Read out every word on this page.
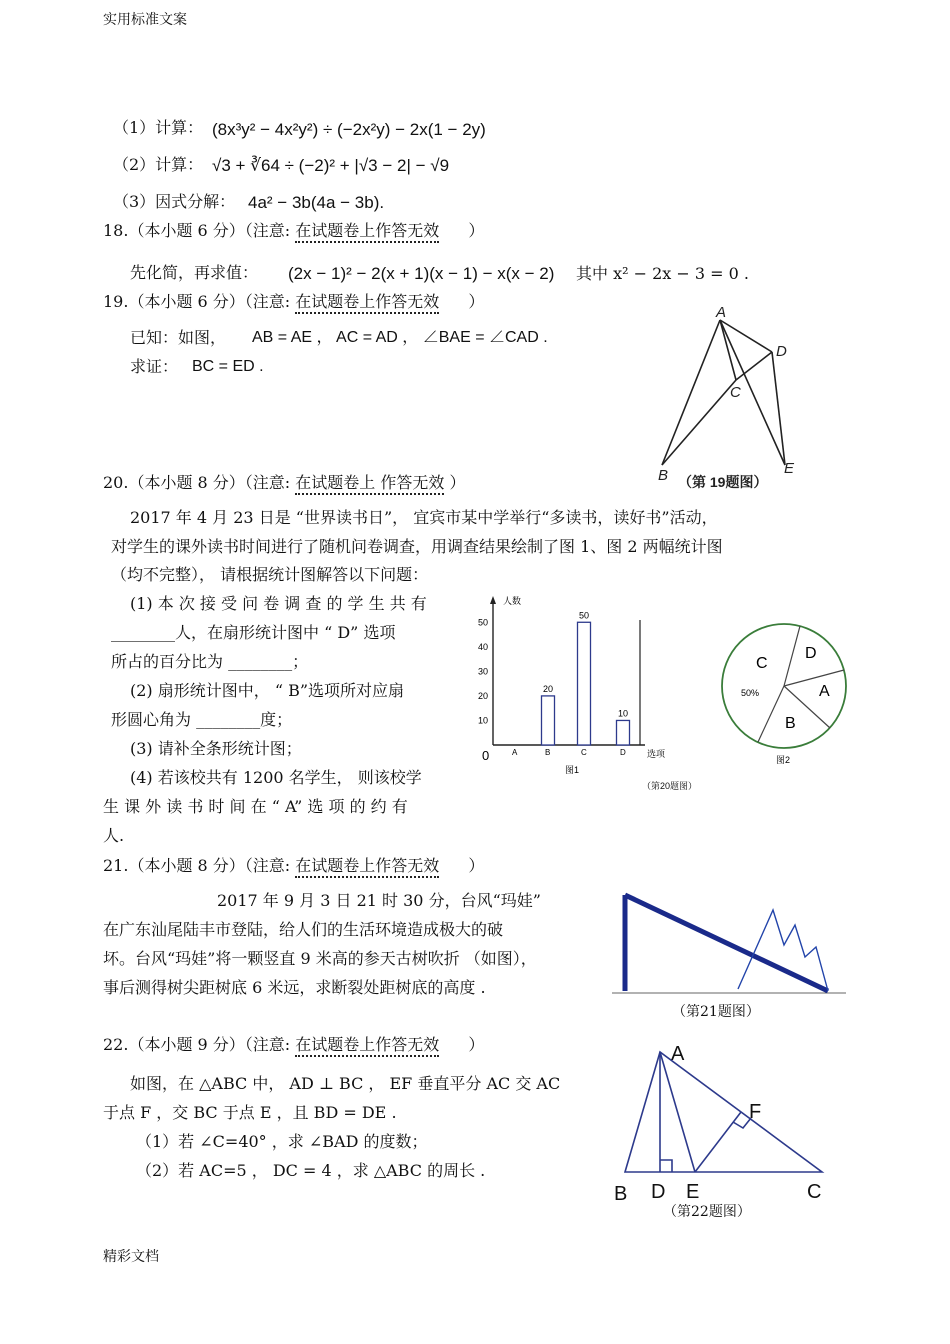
实用标准文案
精彩文档
（1）计算： (8x³y² − 4x²y²) ÷ (−2x²y) − 2x(1 − 2y)
（2）计算： √3 + ∛64 ÷ (−2)² + |√3 − 2| − √9
（3）因式分解： 4a² − 3b(4a − 3b).
18.（本小题 6 分）（注意: 在试题卷上作答无效 ）
先化简，再求值： (2x − 1)² − 2(x + 1)(x − 1) − x(x − 2) 其中 x² − 2x − 3 = 0 .
19.（本小题 6 分）（注意: 在试题卷上作答无效 ）
已知：如图， AB = AE ， AC = AD ， ∠BAE = ∠CAD .
求证： BC = ED .
A
D
C
B	E
（第 19题图）
20.（本小题 8 分）（注意: 在试题卷上 作答无效 ）
2017 年 4 月 23 日是 “世界读书日”， 宜宾市某中学举行“多读书，读好书”活动，
对学生的课外读书时间进行了随机问卷调查，用调查结果绘制了图 1、图 2 两幅统计图
（均不完整）， 请根据统计图解答以下问题：
(1) 本 次 接 受 问 卷 调 查 的 学 生 共 有
________人，在扇形统计图中 “ D” 选项
所占的百分比为 ________；
(2) 扇形统计图中， “ B”选项所对应扇
形圆心角为 ________度；
(3) 请补全条形统计图；
(4) 若该校共有 1200 名学生， 则该校学
生 课 外 读 书 时 间 在 “ A” 选 项 的 约 有
人.
人数
选项
0
10
20
30
40
50
A	B
20
C
50
D
10
图1
（第20题图）
C
D
A
B
50%
图2
21.（本小题 8 分）（注意: 在试题卷上作答无效 ）
2017 年 9 月 3 日 21 时 30 分，台风“玛娃”
在广东汕尾陆丰市登陆，给人们的生活环境造成极大的破
坏。台风“玛娃”将一颗竖直 9 米高的参天古树吹折 （如图），
事后测得树尖距树底 6 米远，求断裂处距树底的高度 .
（第21题图）
22.（本小题 9 分）（注意: 在试题卷上作答无效 ）
如图，在 △ABC 中， AD ⊥ BC ， EF 垂直平分 AC 交 AC
于点 F ，交 BC 于点 E ，且 BD = DE .
（1）若 ∠C=40° ，求 ∠BAD 的度数；
（2）若 AC=5 ， DC = 4 ，求 △ABC 的周长 .
A
F
B D E	C
（第22题图）
